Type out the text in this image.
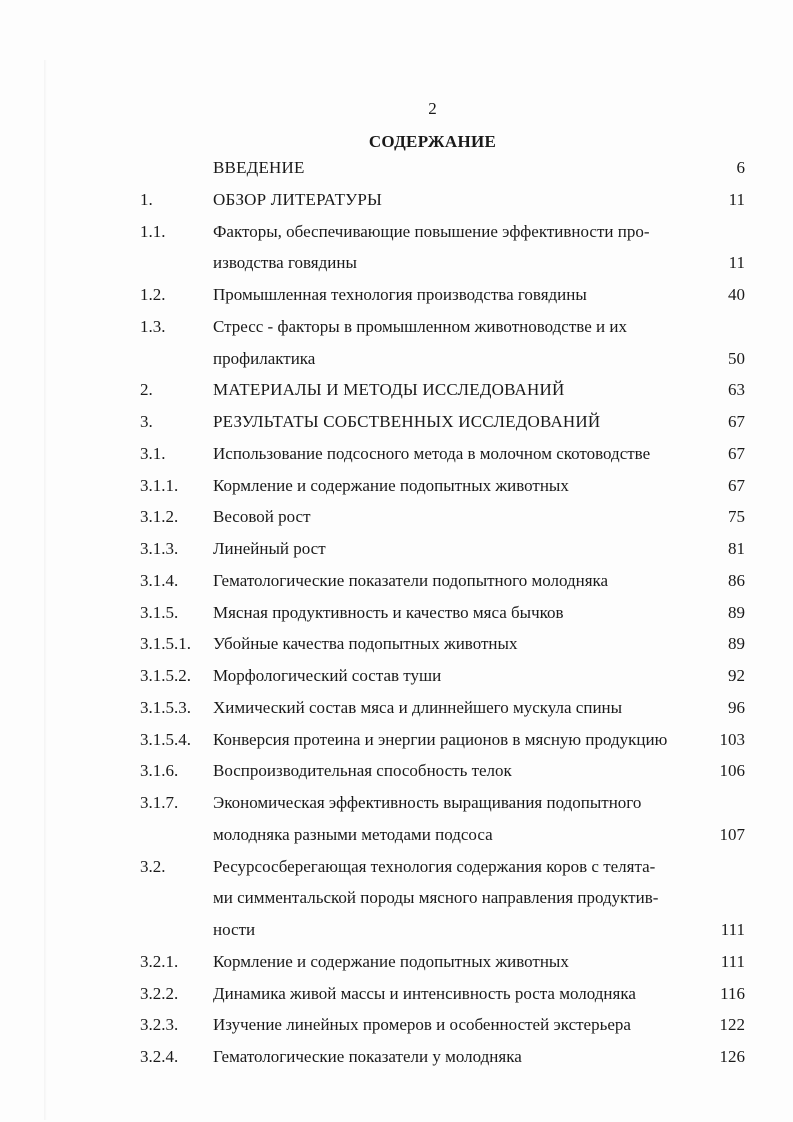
2
СОДЕРЖАНИЕ
ВВЕДЕНИЕ	6
1.	ОБЗОР ЛИТЕРАТУРЫ	11
1.1.	Факторы, обеспечивающие повышение эффективности про-
изводства говядины	11
1.2.	Промышленная технология производства говядины	40
1.3.	Стресс - факторы в промышленном животноводстве и их
профилактика	50
2.	МАТЕРИАЛЫ И МЕТОДЫ ИССЛЕДОВАНИЙ	63
3.	РЕЗУЛЬТАТЫ СОБСТВЕННЫХ ИССЛЕДОВАНИЙ	67
3.1.	Использование подсосного метода в молочном скотоводстве	67
3.1.1. Кормление и содержание подопытных животных	67
3.1.2. Весовой рост	75
3.1.3. Линейный рост	81
3.1.4. Гематологические показатели подопытного молодняка	86
3.1.5. Мясная продуктивность и качество мяса бычков	89
3.1.5.1. Убойные качества подопытных животных	89
3.1.5.2. Морфологический состав туши	92
3.1.5.3. Химический состав мяса и длиннейшего мускула спины	96
3.1.5.4. Конверсия протеина и энергии рационов в мясную продукцию	103
3.1.6. Воспроизводительная способность телок	106
3.1.7. Экономическая эффективность выращивания подопытного
молодняка разными методами подсоса	107
3.2.	Ресурсосберегающая технология содержания коров с телята-
ми симментальской породы мясного направления продуктив-
ности	111
3.2.1. Кормление и содержание подопытных животных	111
3.2.2. Динамика живой массы и интенсивность роста молодняка	116
3.2.3. Изучение линейных промеров и особенностей экстерьера	122
3.2.4. Гематологические показатели у молодняка	126
